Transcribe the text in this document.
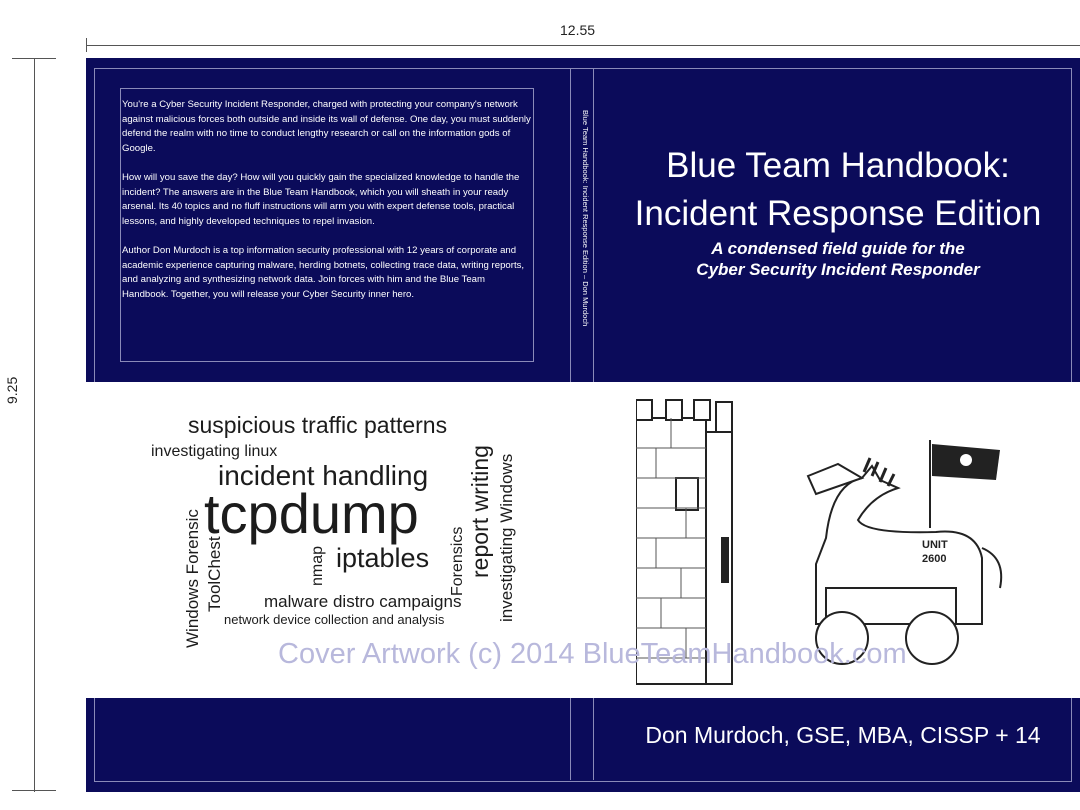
12.55
9.25

You're a Cyber Security Incident Responder, charged with protecting your company's network against malicious forces both outside and inside its wall of defense. One day, you must suddenly defend the realm with no time to conduct lengthy research or call on the information gods of Google.

How will you save the day? How will you quickly gain the specialized knowledge to handle the incident? The answers are in the Blue Team Handbook, which you will sheath in your ready arsenal. Its 40 topics and no fluff instructions will arm you with expert defense tools, practical lessons, and highly developed techniques to repel invasion.

Author Don Murdoch is a top information security professional with 12 years of corporate and academic experience capturing malware, herding botnets, collecting trace data, writing reports, and analyzing and synthesizing network data. Join forces with him and the Blue Team Handbook. Together, you will release your Cyber Security inner hero.	Blue Team Handbook: Incident Response Edition – Don Murdoch	Blue Team Handbook:
Incident Response Edition
A condensed field guide for the
Cyber Security Incident Responder
Don Murdoch, GSE, MBA, CISSP + 14
suspicious traffic patterns
investigating linux
incident handling
tcpdump
iptables
malware distro campaigns
network device collection and analysis
Windows Forensic ToolChest	nmap	Forensics report writing investigating Windows	UNIT
2600
Cover Artwork (c) 2014 BlueTeamHandbook.com
